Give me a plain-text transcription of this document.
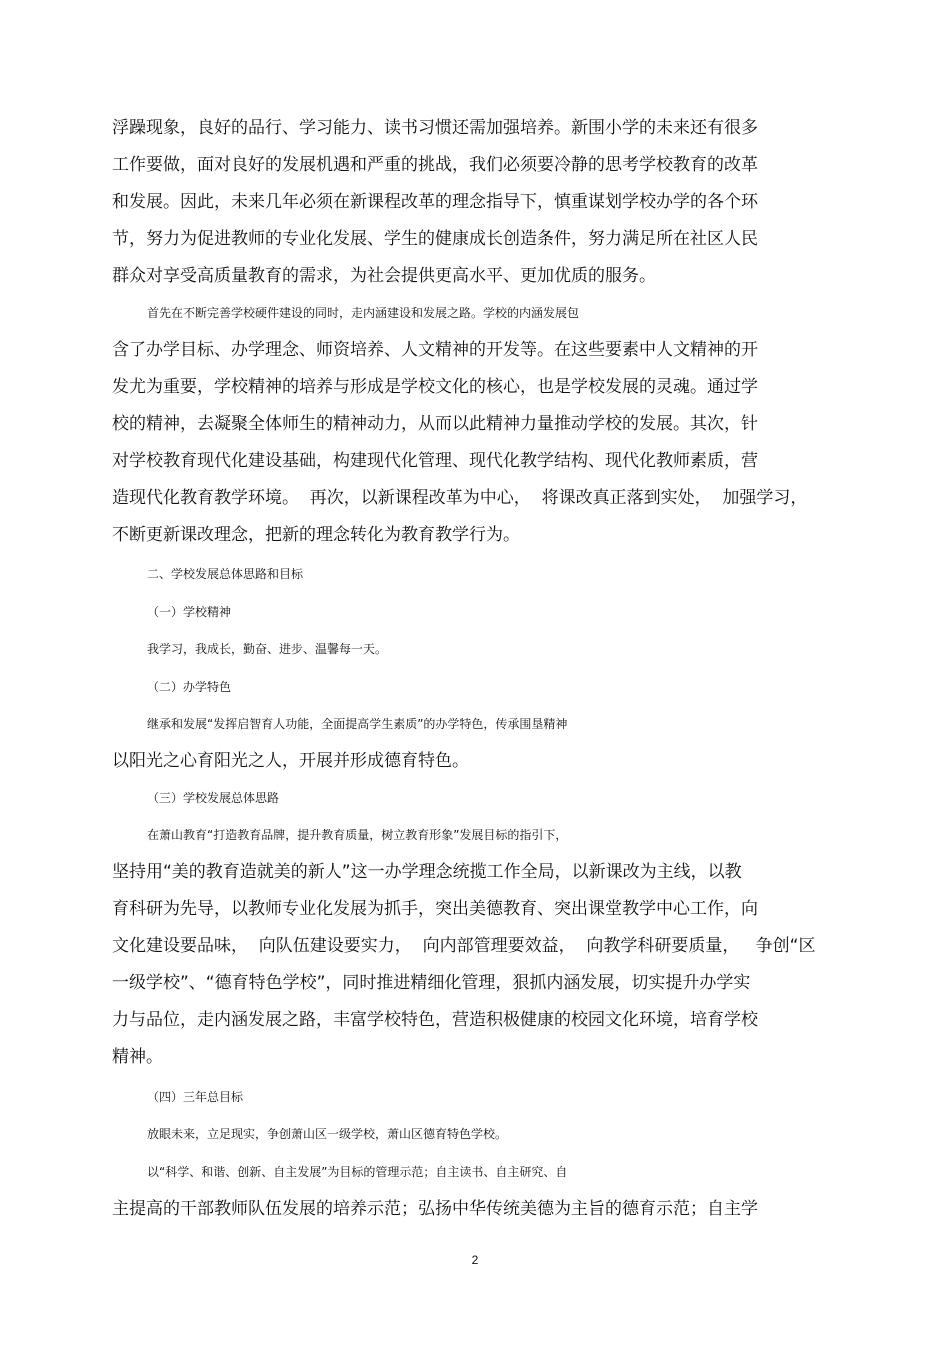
浮躁现象，良好的品行、学习能力、读书习惯还需加强培养。新围小学的未来还有很多
工作要做，面对良好的发展机遇和严重的挑战，我们必须要冷静的思考学校教育的改革
和发展。因此，未来几年必须在新课程改革的理念指导下，慎重谋划学校办学的各个环
节，努力为促进教师的专业化发展、学生的健康成长创造条件，努力满足所在社区人民
群众对享受高质量教育的需求，为社会提供更高水平、更加优质的服务。
首先在不断完善学校硬件建设的同时，走内涵建设和发展之路。学校的内涵发展包
含了办学目标、办学理念、师资培养、人文精神的开发等。在这些要素中人文精神的开
发尤为重要，学校精神的培养与形成是学校文化的核心，也是学校发展的灵魂。通过学
校的精神，去凝聚全体师生的精神动力，从而以此精神力量推动学校的发展。其次，针
对学校教育现代化建设基础，构建现代化管理、现代化教学结构、现代化教师素质，营
造现代化教育教学环境。  再次，以新课程改革为中心，  将课改真正落到实处，  加强学习，
不断更新课改理念，把新的理念转化为教育教学行为。
二、学校发展总体思路和目标
（一）学校精神
我学习，我成长，勤奋、进步、温馨每一天。
（二）办学特色
继承和发展“发挥启智育人功能，全面提高学生素质”的办学特色，传承围垦精神
以阳光之心育阳光之人，开展并形成德育特色。
（三）学校发展总体思路
在萧山教育“打造教育品牌，提升教育质量，树立教育形象”发展目标的指引下，
坚持用“美的教育造就美的新人”这一办学理念统揽工作全局，以新课改为主线，以教
育科研为先导，以教师专业化发展为抓手，突出美德教育、突出课堂教学中心工作，向
文化建设要品味，  向队伍建设要实力，  向内部管理要效益，  向教学科研要质量，   争创“区
一级学校”、“德育特色学校”，同时推进精细化管理，狠抓内涵发展，切实提升办学实
力与品位，走内涵发展之路，丰富学校特色，营造积极健康的校园文化环境，培育学校
精神。
（四）三年总目标
放眼未来，立足现实，争创萧山区一级学校，萧山区德育特色学校。
以“科学、和谐、创新、自主发展”为目标的管理示范；自主读书、自主研究、自
主提高的干部教师队伍发展的培养示范；弘扬中华传统美德为主旨的德育示范；自主学
2
